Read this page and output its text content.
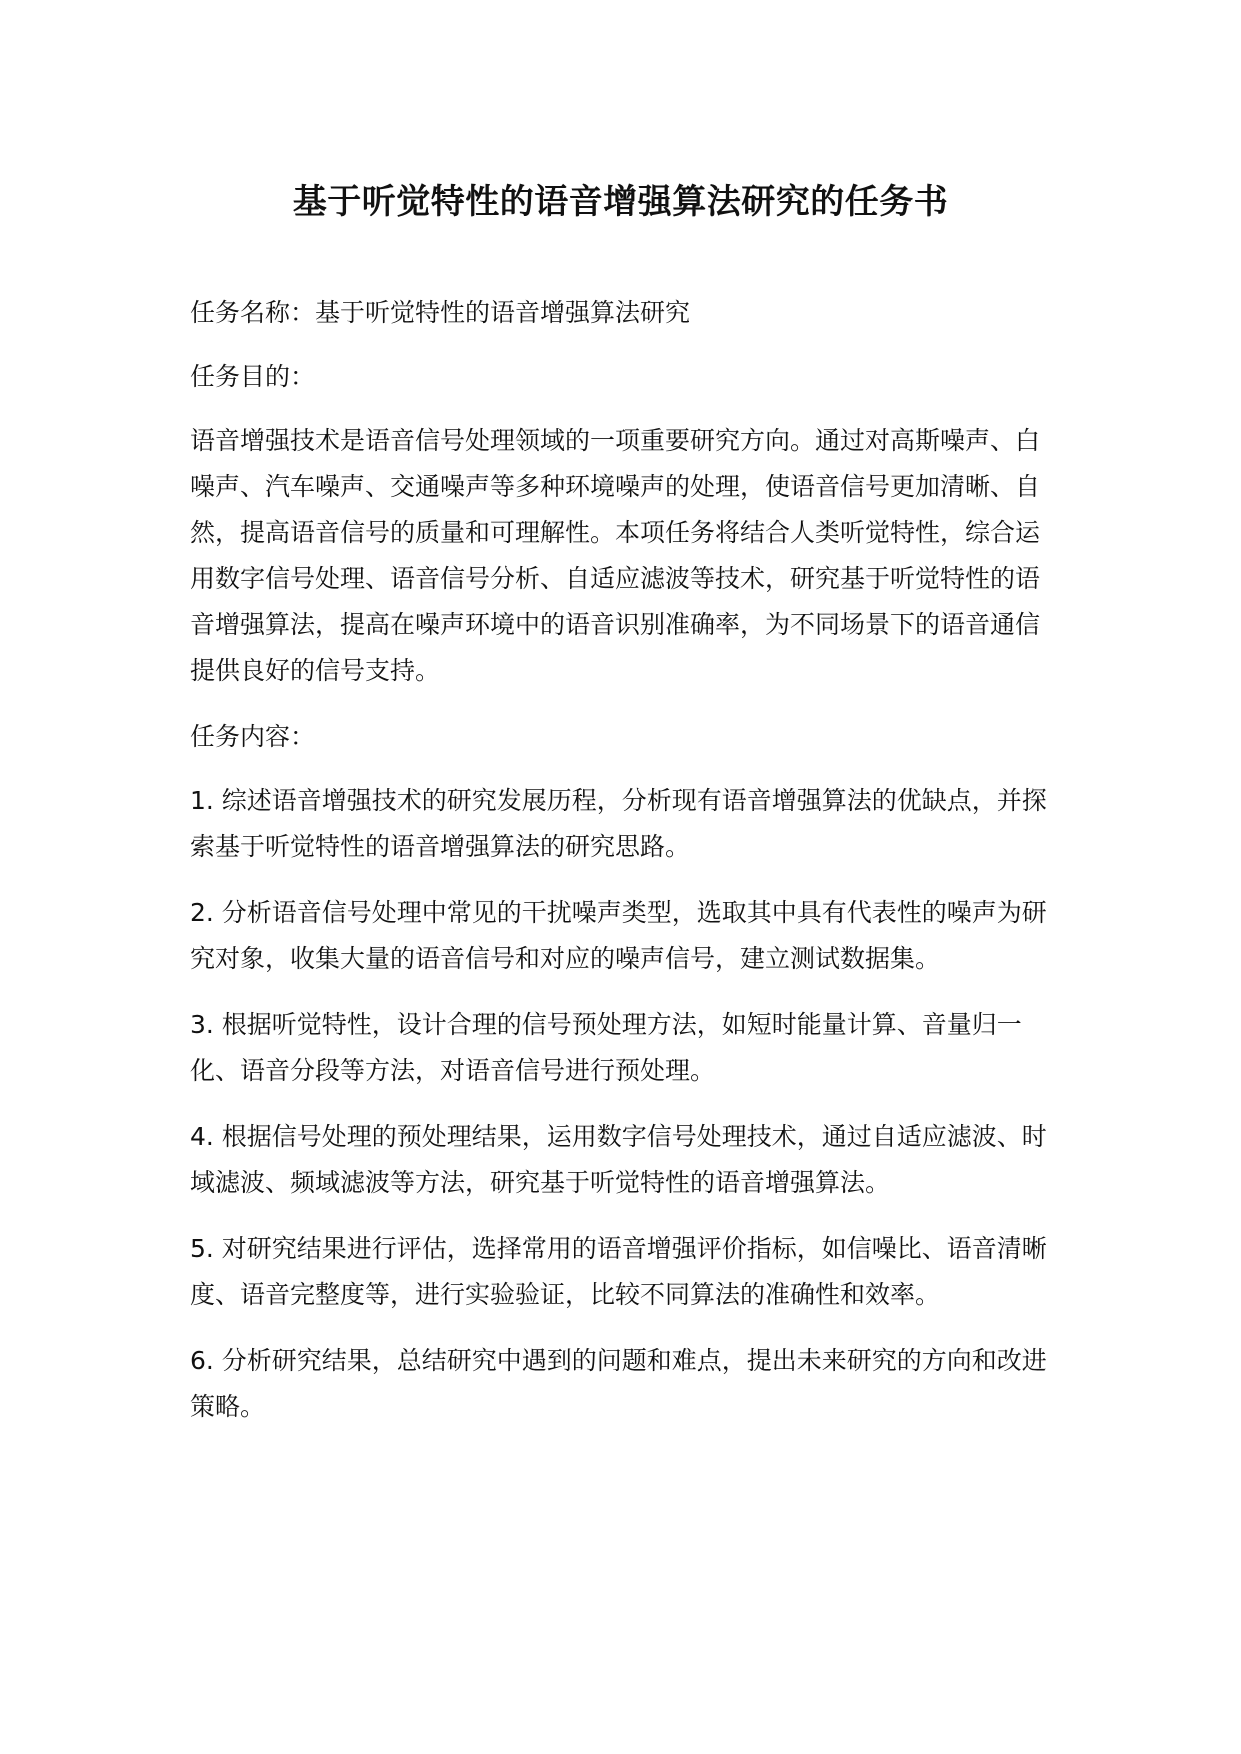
基于听觉特性的语音增强算法研究的任务书

任务名称：基于听觉特性的语音增强算法研究

任务目的：

语音增强技术是语音信号处理领域的一项重要研究方向。通过对高斯噪声、白噪声、汽车噪声、交通噪声等多种环境噪声的处理，使语音信号更加清晰、自然，提高语音信号的质量和可理解性。本项任务将结合人类听觉特性，综合运用数字信号处理、语音信号分析、自适应滤波等技术，研究基于听觉特性的语音增强算法，提高在噪声环境中的语音识别准确率，为不同场景下的语音通信提供良好的信号支持。

任务内容：

1. 综述语音增强技术的研究发展历程，分析现有语音增强算法的优缺点，并探索基于听觉特性的语音增强算法的研究思路。

2. 分析语音信号处理中常见的干扰噪声类型，选取其中具有代表性的噪声为研究对象，收集大量的语音信号和对应的噪声信号，建立测试数据集。

3. 根据听觉特性，设计合理的信号预处理方法，如短时能量计算、音量归一化、语音分段等方法，对语音信号进行预处理。

4. 根据信号处理的预处理结果，运用数字信号处理技术，通过自适应滤波、时域滤波、频域滤波等方法，研究基于听觉特性的语音增强算法。

5. 对研究结果进行评估，选择常用的语音增强评价指标，如信噪比、语音清晰度、语音完整度等，进行实验验证，比较不同算法的准确性和效率。

6. 分析研究结果，总结研究中遇到的问题和难点，提出未来研究的方向和改进策略。
